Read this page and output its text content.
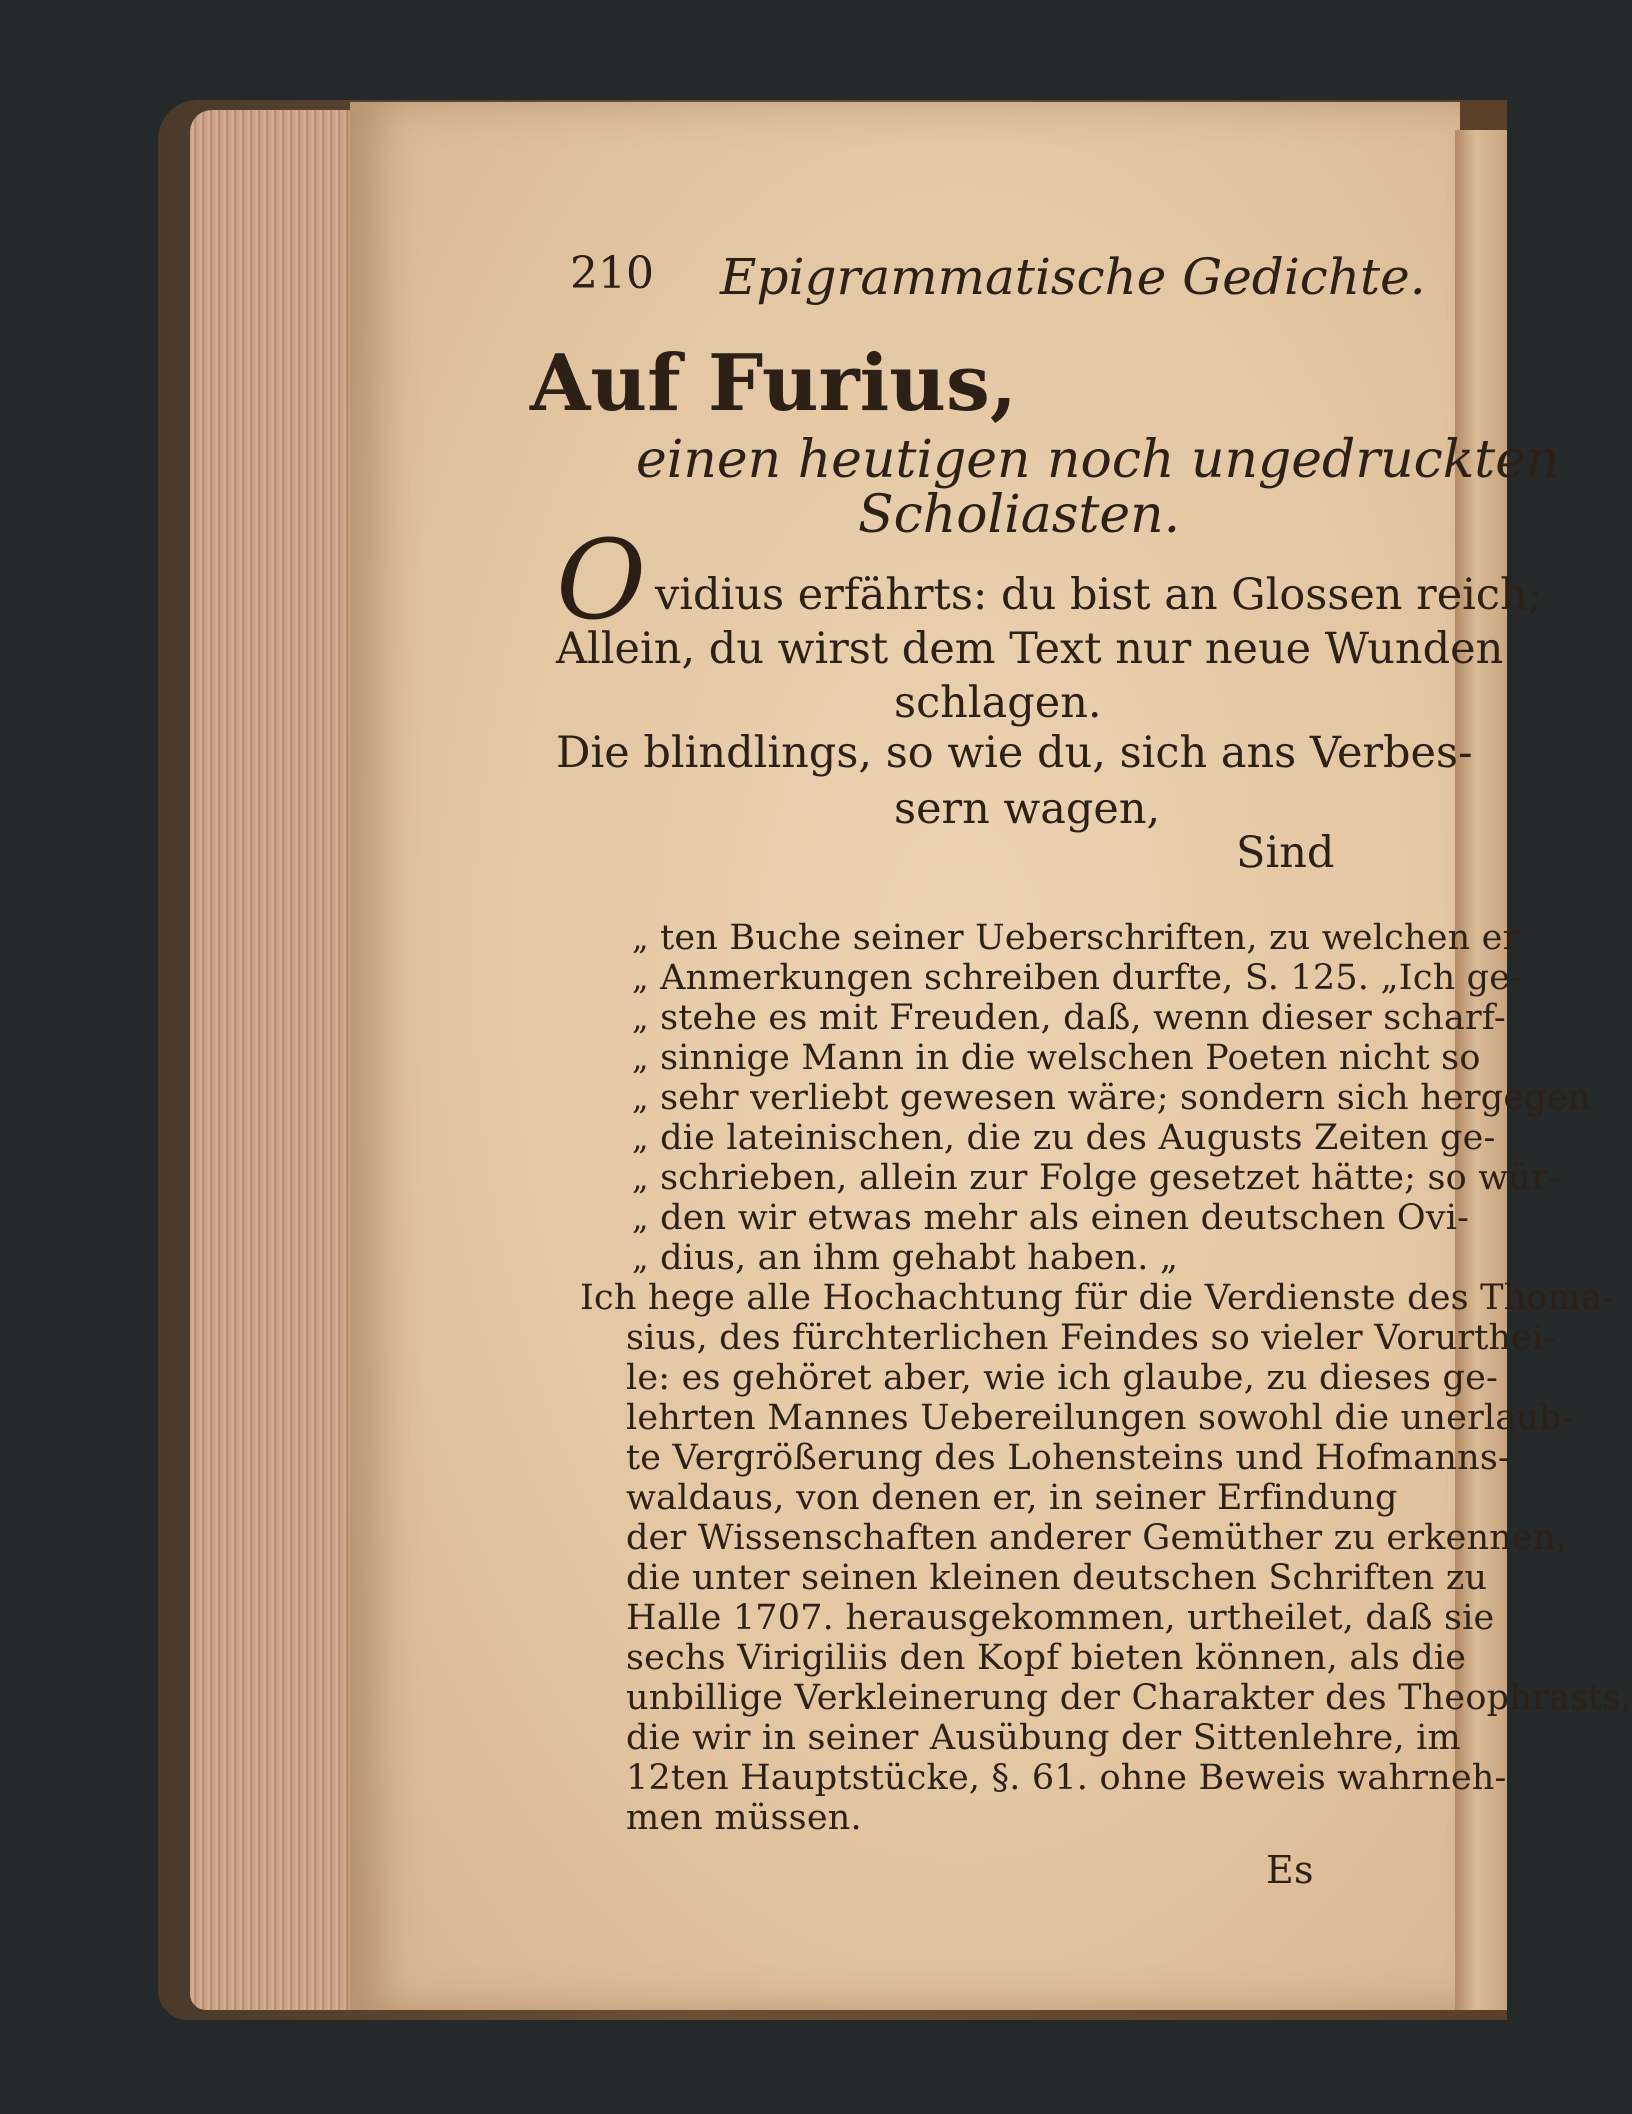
210 Epigrammatische Gedichte.
Auf Furius,
einen heutigen noch ungedruckten
Scholiasten.
O vidius erfährts: du bist an Glossen reich;
Allein, du wirst dem Text nur neue Wunden
schlagen.
Die blindlings, so wie du, sich ans Verbes-
sern wagen,
Sind
„ ten Buche seiner Ueberschriften, zu welchen er
„ Anmerkungen schreiben durfte, S. 125. „Ich ge-
„ stehe es mit Freuden, daß, wenn dieser scharf-
„ sinnige Mann in die welschen Poeten nicht so
„ sehr verliebt gewesen wäre; sondern sich hergegen
„ die lateinischen, die zu des Augusts Zeiten ge-
„ schrieben, allein zur Folge gesetzet hätte; so wür-
„ den wir etwas mehr als einen deutschen Ovi-
„ dius, an ihm gehabt haben. „
Ich hege alle Hochachtung für die Verdienste des Thoma-
sius, des fürchterlichen Feindes so vieler Vorurthei-
le: es gehöret aber, wie ich glaube, zu dieses ge-
lehrten Mannes Uebereilungen sowohl die unerlaub-
te Vergrößerung des Lohensteins und Hofmanns-
waldaus, von denen er, in seiner Erfindung
der Wissenschaften anderer Gemüther zu erkennen,
die unter seinen kleinen deutschen Schriften zu
Halle 1707. herausgekommen, urtheilet, daß sie
sechs Virigiliis den Kopf bieten können, als die
unbillige Verkleinerung der Charakter des Theophrasts,
die wir in seiner Ausübung der Sittenlehre, im
12ten Hauptstücke, §. 61. ohne Beweis wahrneh-
men müssen.
Es
